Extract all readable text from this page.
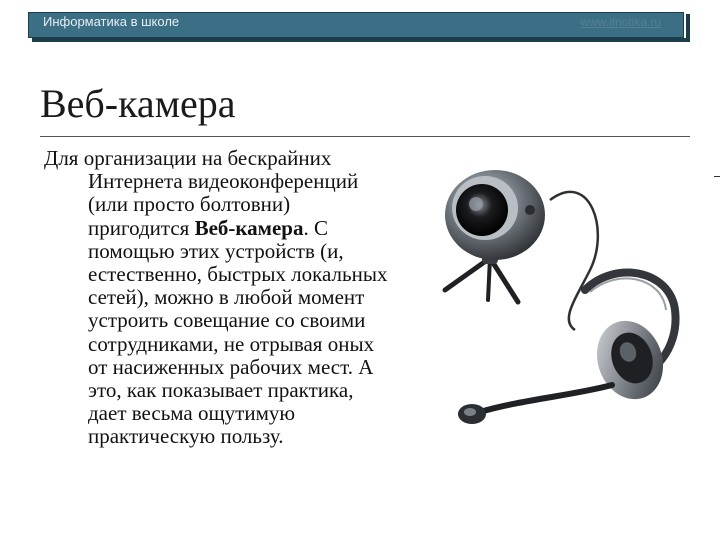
Информатика в школе	www.ifnotika.ru
Веб-камера
Для организации на бескрайних Интернета видеоконференций (или просто болтовни) пригодится Веб-камера. С помощью этих устройств (и, естественно, быстрых локальных сетей), можно в любой момент устроить совещание со своими сотрудниками, не отрывая оных от насиженных рабочих мест. А это, как показывает практика, дает весьма ощутимую практическую пользу.
